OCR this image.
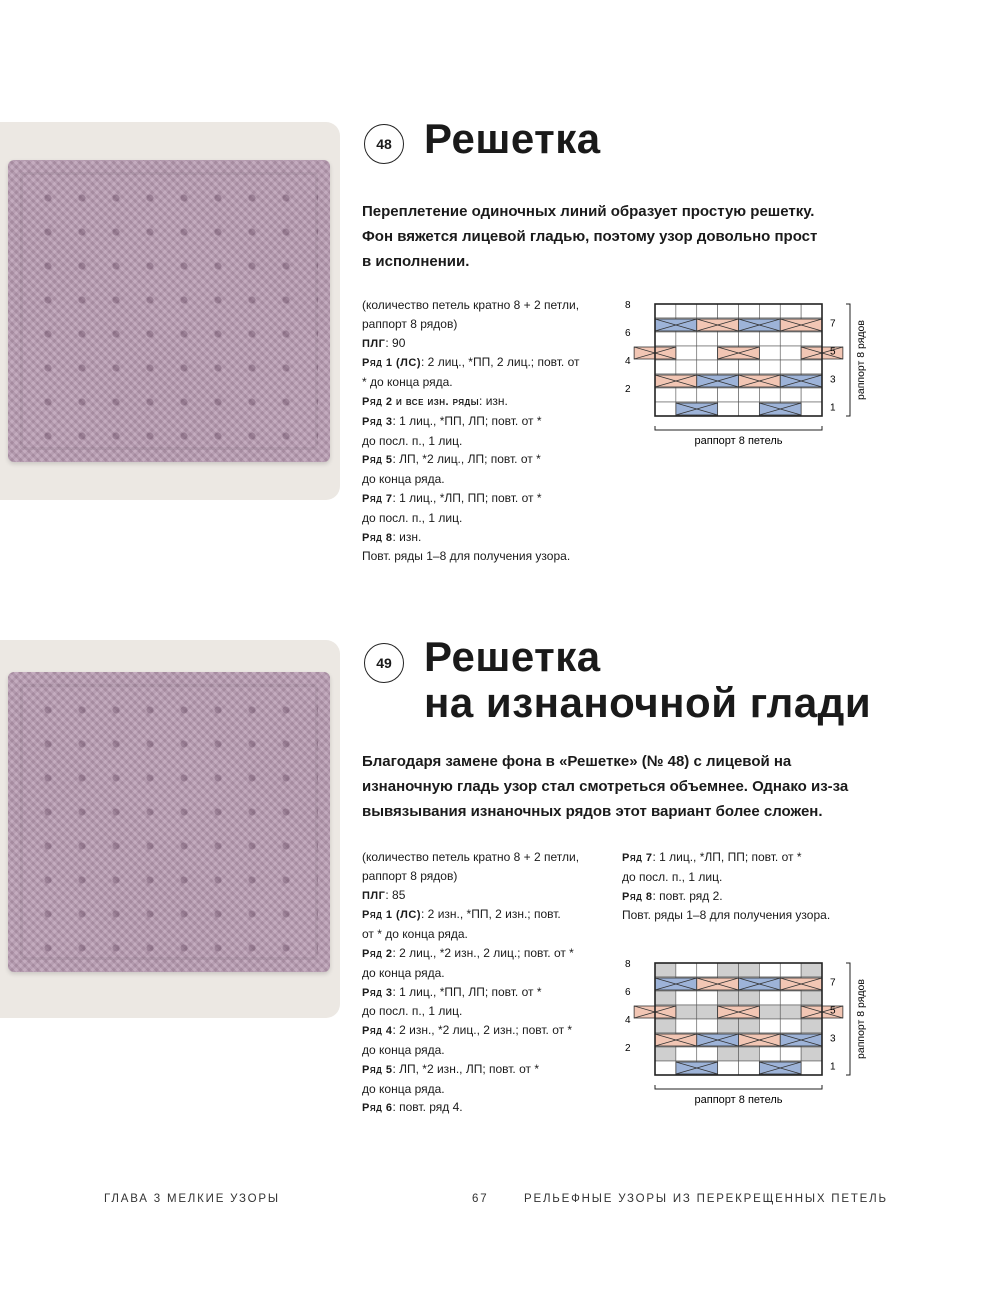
48 Решетка
Переплетение одиночных линий образует простую решетку.
Фон вяжется лицевой гладью, поэтому узор довольно прост
в исполнении.
(количество петель кратно 8 + 2 петли,
раппорт 8 рядов)
ПЛГ: 90
Ряд 1 (ЛС): 2 лиц., *ПП, 2 лиц.; повт. от
* до конца ряда.
Ряд 2 и все изн. ряды: изн.
Ряд 3: 1 лиц., *ПП, ЛП; повт. от *
до посл. п., 1 лиц.
Ряд 5: ЛП, *2 лиц., ЛП; повт. от *
до конца ряда.
Ряд 7: 1 лиц., *ЛП, ПП; повт. от *
до посл. п., 1 лиц.
Ряд 8: изн.
Повт. ряды 1–8 для получения узора.
8
6
4
2
7
5
3
1
раппорт 8 петель
раппорт 8 рядов
49 Решетка
на изнаночной глади
Благодаря замене фона в «Решетке» (№ 48) с лицевой на
изнаночную гладь узор стал смотреться объемнее. Однако из-за
вывязывания изнаночных рядов этот вариант более сложен.
(количество петель кратно 8 + 2 петли,
раппорт 8 рядов)
ПЛГ: 85
Ряд 1 (ЛС): 2 изн., *ПП, 2 изн.; повт.
от * до конца ряда.
Ряд 2: 2 лиц., *2 изн., 2 лиц.; повт. от *
до конца ряда.
Ряд 3: 1 лиц., *ПП, ЛП; повт. от *
до посл. п., 1 лиц.
Ряд 4: 2 изн., *2 лиц., 2 изн.; повт. от *
до конца ряда.
Ряд 5: ЛП, *2 изн., ЛП; повт. от *
до конца ряда.
Ряд 6: повт. ряд 4.
Ряд 7: 1 лиц., *ЛП, ПП; повт. от *
до посл. п., 1 лиц.
Ряд 8: повт. ряд 2.
Повт. ряды 1–8 для получения узора.
8
6
4
2
7
5
3
1
раппорт 8 петель
раппорт 8 рядов
ГЛАВА 3 МЕЛКИЕ УЗОРЫ	67	РЕЛЬЕФНЫЕ УЗОРЫ ИЗ ПЕРЕКРЕЩЕННЫХ ПЕТЕЛЬ
